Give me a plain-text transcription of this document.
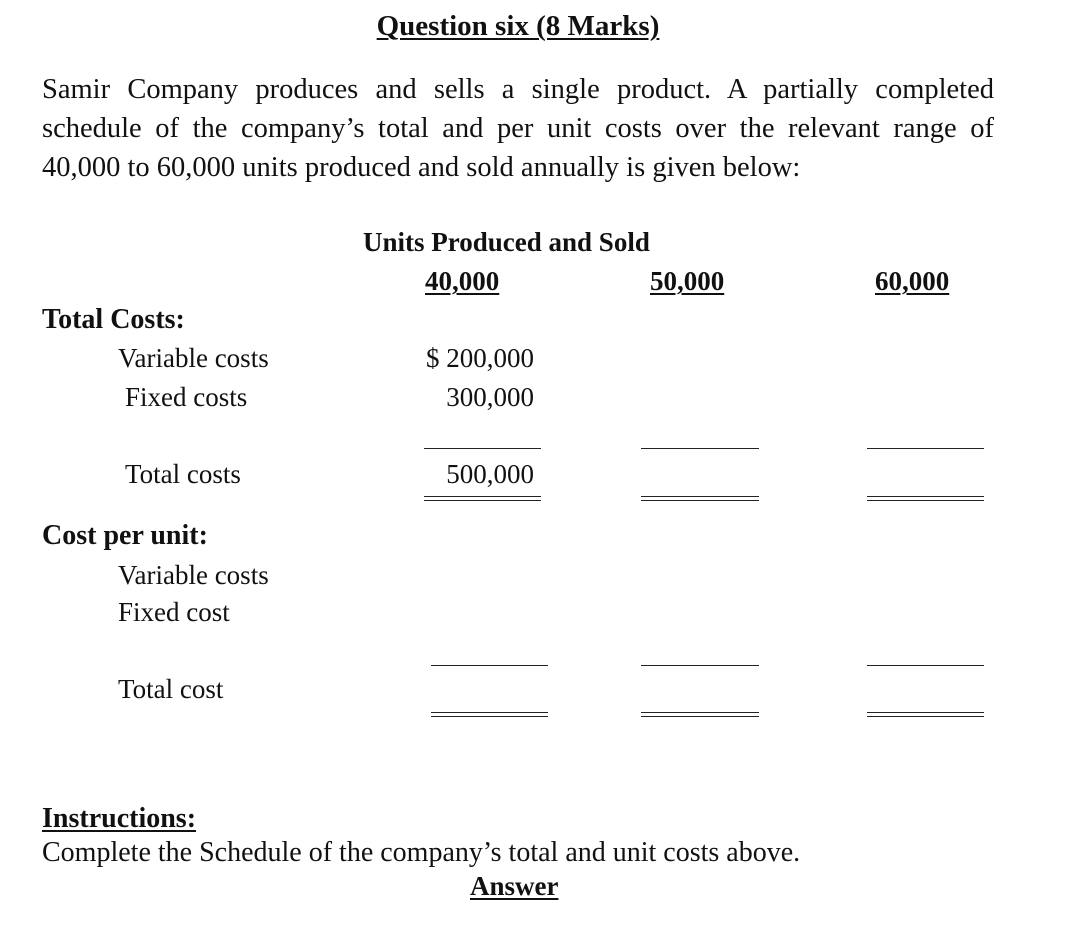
Question six (8 Marks)
Samir Company produces and sells a single product. A partially completed
schedule of the company’s total and per unit costs over the relevant range of
40,000 to 60,000 units produced and sold annually is given below:
Units Produced and Sold
40,000	50,000	60,000
Total Costs:
Variable costs
Fixed costs
Total costs
$ 200,000
300,000
500,000
Cost per unit:
Variable costs
Fixed cost
Total cost
Instructions:
Complete the Schedule of the company’s total and unit costs above.
Answer
